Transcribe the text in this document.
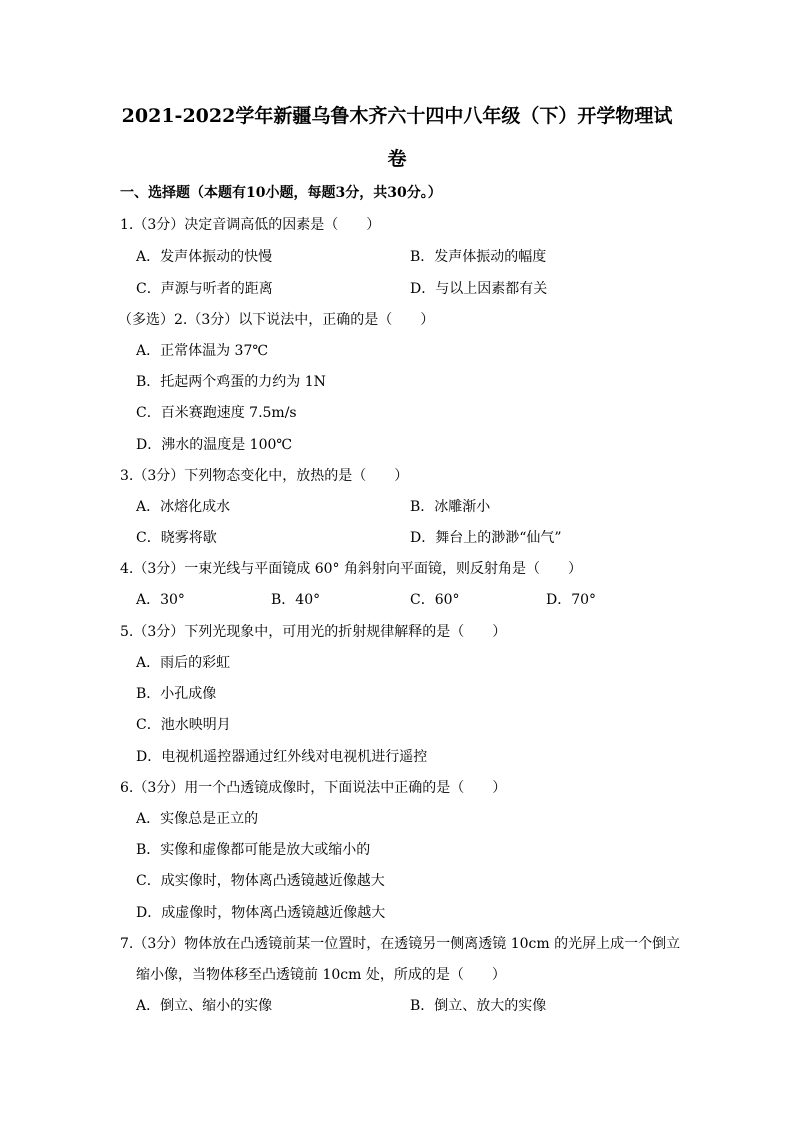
2021-2022学年新疆乌鲁木齐六十四中八年级（下）开学物理试
卷
一、选择题（本题有10小题，每题3分，共30分。）
1.（3分）决定音调高低的因素是（　　）
A．发声体振动的快慢	B．发声体振动的幅度
C．声源与听者的距离	D．与以上因素都有关
（多选）2.（3分）以下说法中，正确的是（　　）
A．正常体温为 37℃
B．托起两个鸡蛋的力约为 1N
C．百米赛跑速度 7.5m/s
D．沸水的温度是 100℃
3.（3分）下列物态变化中，放热的是（　　）
A．冰熔化成水	B．冰雕渐小
C．晓雾将歇	D．舞台上的渺渺“仙气”
4.（3分）一束光线与平面镜成 60° 角斜射向平面镜，则反射角是（　　）
A．30°	B．40°	C．60°	D．70°
5.（3分）下列光现象中，可用光的折射规律解释的是（　　）
A．雨后的彩虹
B．小孔成像
C．池水映明月
D．电视机遥控器通过红外线对电视机进行遥控
6.（3分）用一个凸透镜成像时，下面说法中正确的是（　　）
A．实像总是正立的
B．实像和虚像都可能是放大或缩小的
C．成实像时，物体离凸透镜越近像越大
D．成虚像时，物体离凸透镜越近像越大
7.（3分）物体放在凸透镜前某一位置时，在透镜另一侧离透镜 10cm 的光屏上成一个倒立
缩小像，当物体移至凸透镜前 10cm 处，所成的是（　　）
A．倒立、缩小的实像	B．倒立、放大的实像
